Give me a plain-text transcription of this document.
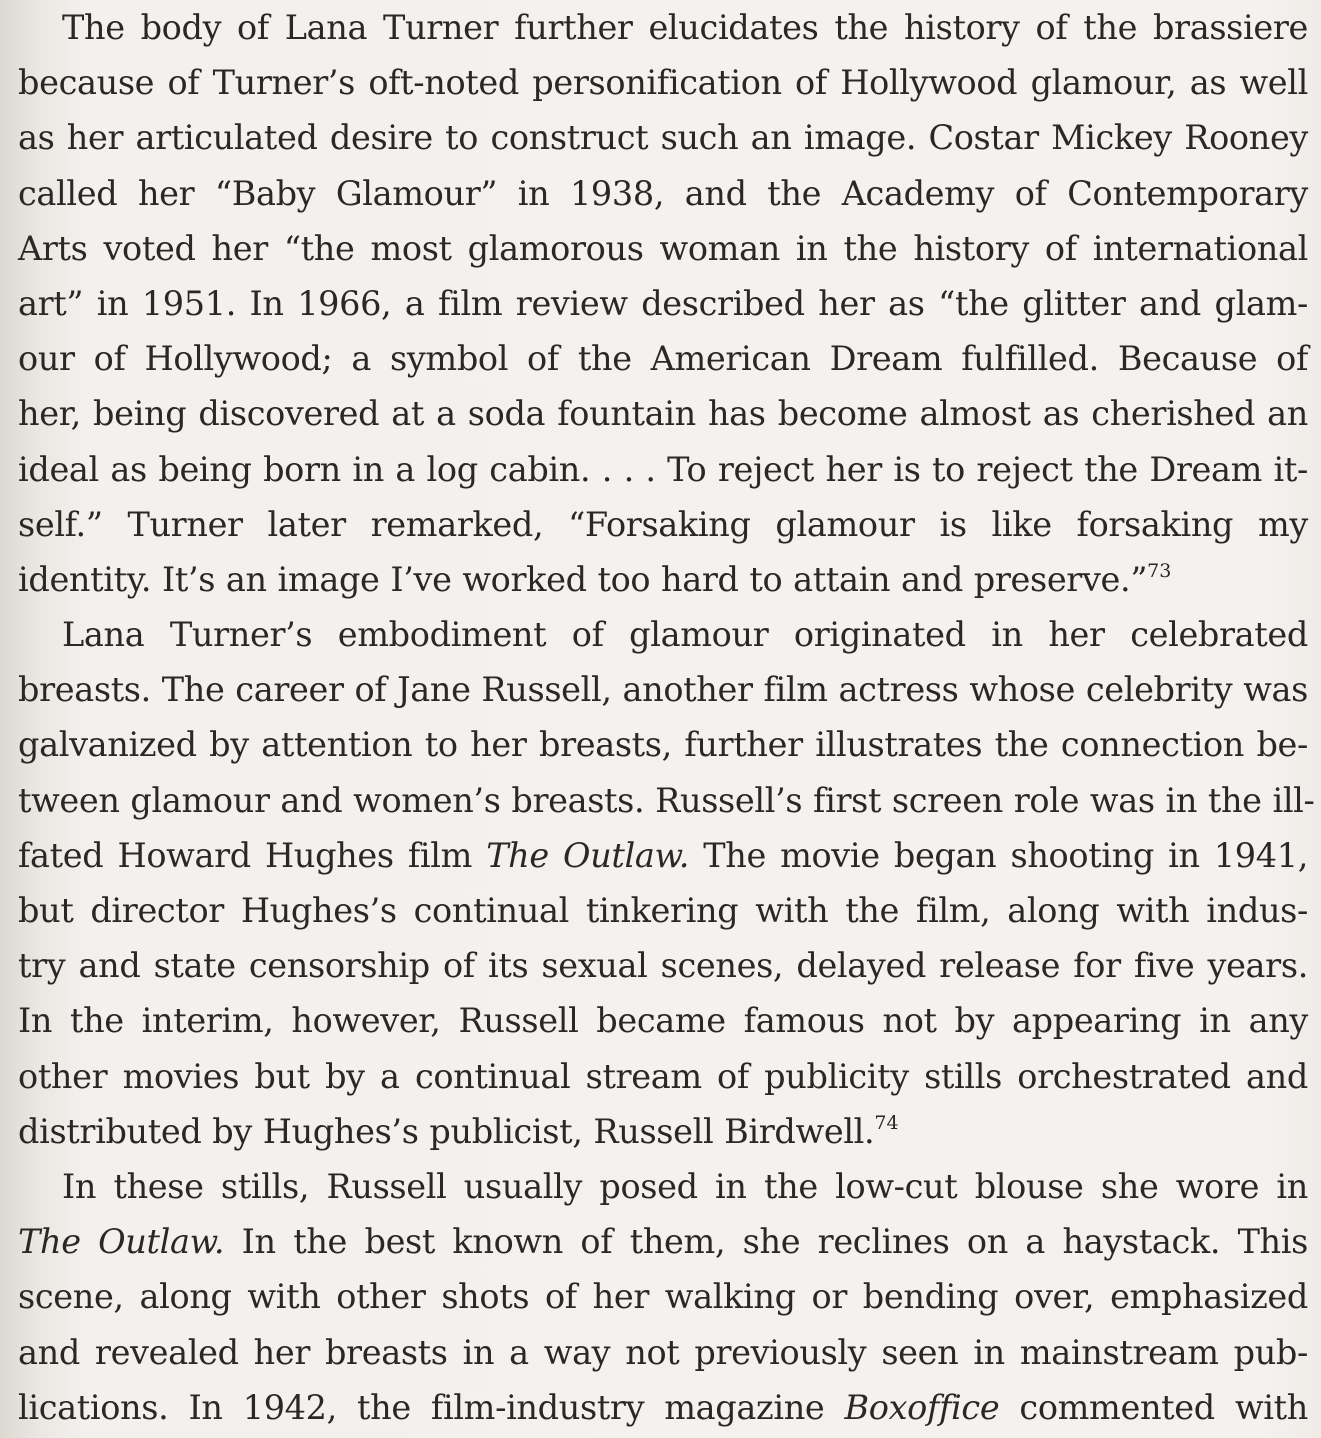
The body of Lana Turner further elucidates the history of the brassiere
because of Turner’s oft-noted personification of Hollywood glamour, as well
as her articulated desire to construct such an image. Costar Mickey Rooney
called her “Baby Glamour” in 1938, and the Academy of Contemporary
Arts voted her “the most glamorous woman in the history of international
art” in 1951. In 1966, a film review described her as “the glitter and glam-
our of Hollywood; a symbol of the American Dream fulfilled. Because of
her, being discovered at a soda fountain has become almost as cherished an
ideal as being born in a log cabin. . . . To reject her is to reject the Dream it-
self.” Turner later remarked, “Forsaking glamour is like forsaking my
identity. It’s an image I’ve worked too hard to attain and preserve.”$^{73}$

Lana Turner’s embodiment of glamour originated in her celebrated
breasts. The career of Jane Russell, another film actress whose celebrity was
galvanized by attention to her breasts, further illustrates the connection be-
tween glamour and women’s breasts. Russell’s first screen role was in the ill-
fated Howard Hughes film The Outlaw. The movie began shooting in 1941,
but director Hughes’s continual tinkering with the film, along with indus-
try and state censorship of its sexual scenes, delayed release for five years.
In the interim, however, Russell became famous not by appearing in any
other movies but by a continual stream of publicity stills orchestrated and
distributed by Hughes’s publicist, Russell Birdwell.$^{74}$

In these stills, Russell usually posed in the low-cut blouse she wore in
The Outlaw. In the best known of them, she reclines on a haystack. This
scene, along with other shots of her walking or bending over, emphasized
and revealed her breasts in a way not previously seen in mainstream pub-
lications. In 1942, the film-industry magazine Boxoffice commented with
